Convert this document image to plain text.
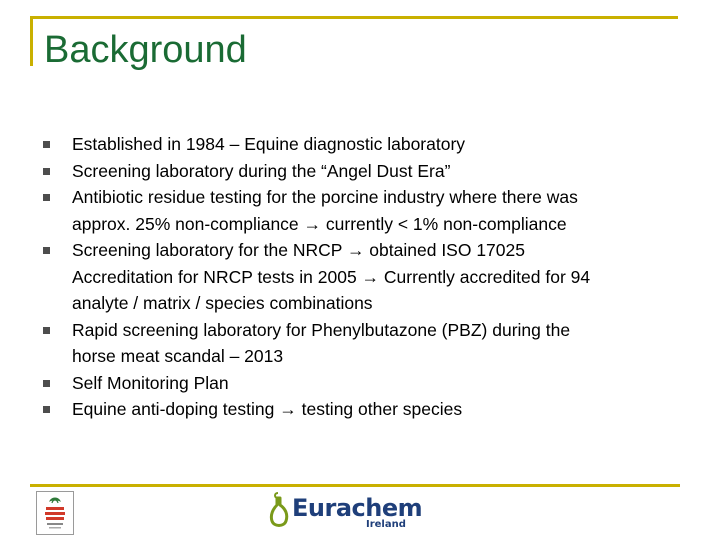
Background
Established in 1984 – Equine diagnostic laboratory
Screening laboratory during the “Angel Dust Era”
Antibiotic residue testing for the porcine industry where there was
approx. 25% non-compliance → currently < 1% non-compliance
Screening laboratory for the NRCP → obtained ISO 17025
Accreditation for NRCP tests in 2005 → Currently accredited for 94
analyte / matrix / species combinations
Rapid screening laboratory for Phenylbutazone (PBZ) during the
horse meat scandal – 2013
Self Monitoring Plan
Equine anti-doping testing → testing other species
Eurachem
Ireland
